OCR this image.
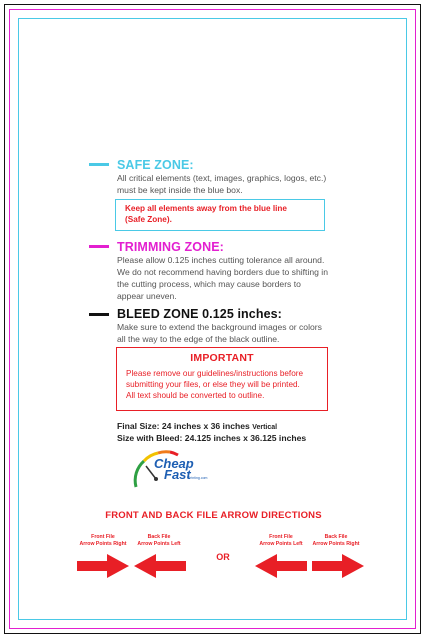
SAFE ZONE:
All critical elements (text, images, graphics, logos, etc.)
must be kept inside the blue box.
Keep all elements away from the blue line
(Safe Zone).
TRIMMING ZONE:
Please allow 0.125 inches cutting tolerance all around.
We do not recommend having borders due to shifting in
the cutting process, which may cause borders to
appear uneven.
BLEED ZONE 0.125 inches:
Make sure to extend the background images or colors
all the way to the edge of the black outline.
IMPORTANT
Please remove our guidelines/instructions before
submitting your files, or else they will be printed.
All text should be converted to outline.
Final Size: 24 inches x 36 inches Vertical
Size with Bleed: 24.125 inches x 36.125 inches
Cheap
Fast
Printing.com
FRONT AND BACK FILE ARROW DIRECTIONS
Front File
Arrow Points Right
Back File
Arrow Points Left
Front File
Arrow Points Left
Back File
Arrow Points Right
OR
